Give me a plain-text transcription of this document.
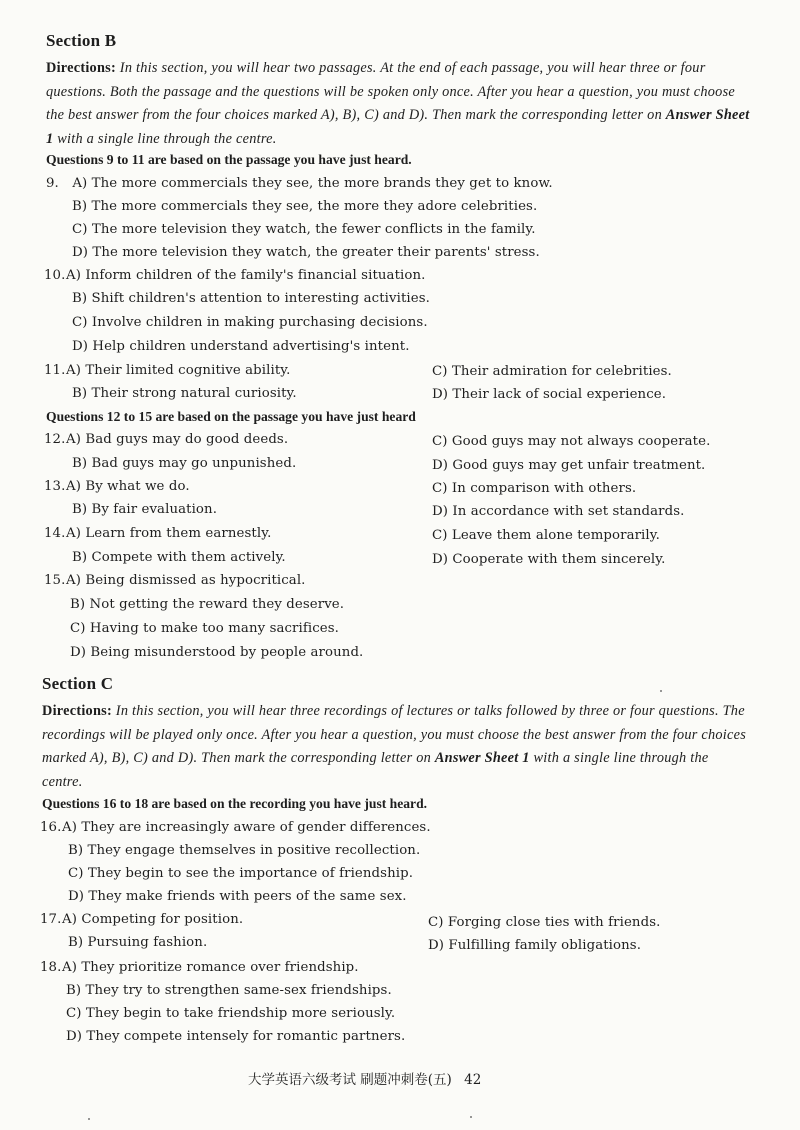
Section B
Directions: In this section, you will hear two passages. At the end of each passage, you will hear three or four questions. Both the passage and the questions will be spoken only once. After you hear a question, you must choose the best answer from the four choices marked A), B), C) and D). Then mark the corresponding letter on Answer Sheet 1 with a single line through the centre.
Questions 9 to 11 are based on the passage you have just heard.
9. A) The more commercials they see, the more brands they get to know.
B) The more commercials they see, the more they adore celebrities.
C) The more television they watch, the fewer conflicts in the family.
D) The more television they watch, the greater their parents' stress.
10.A) Inform children of the family's financial situation.
B) Shift children's attention to interesting activities.
C) Involve children in making purchasing decisions.
D) Help children understand advertising's intent.
11.A) Their limited cognitive ability.	C) Their admiration for celebrities.
B) Their strong natural curiosity.	D) Their lack of social experience.
Questions 12 to 15 are based on the passage you have just heard
12.A) Bad guys may do good deeds.	C) Good guys may not always cooperate.
B) Bad guys may go unpunished.	D) Good guys may get unfair treatment.
13.A) By what we do.	C) In comparison with others.
B) By fair evaluation.	D) In accordance with set standards.
14.A) Learn from them earnestly.	C) Leave them alone temporarily.
B) Compete with them actively.	D) Cooperate with them sincerely.
15.A) Being dismissed as hypocritical.
B) Not getting the reward they deserve.
C) Having to make too many sacrifices.
D) Being misunderstood by people around.
Section C
Directions: In this section, you will hear three recordings of lectures or talks followed by three or four questions. The recordings will be played only once. After you hear a question, you must choose the best answer from the four choices marked A), B), C) and D). Then mark the corresponding letter on Answer Sheet 1 with a single line through the centre.
Questions 16 to 18 are based on the recording you have just heard.
16.A) They are increasingly aware of gender differences.
B) They engage themselves in positive recollection.
C) They begin to see the importance of friendship.
D) They make friends with peers of the same sex.
17.A) Competing for position.	C) Forging close ties with friends.
B) Pursuing fashion.	D) Fulfilling family obligations.
18.A) They prioritize romance over friendship.
B) They try to strengthen same-sex friendships.
C) They begin to take friendship more seriously.
D) They compete intensely for romantic partners.
大学英语六级考试 刷题冲刺卷(五) 42
